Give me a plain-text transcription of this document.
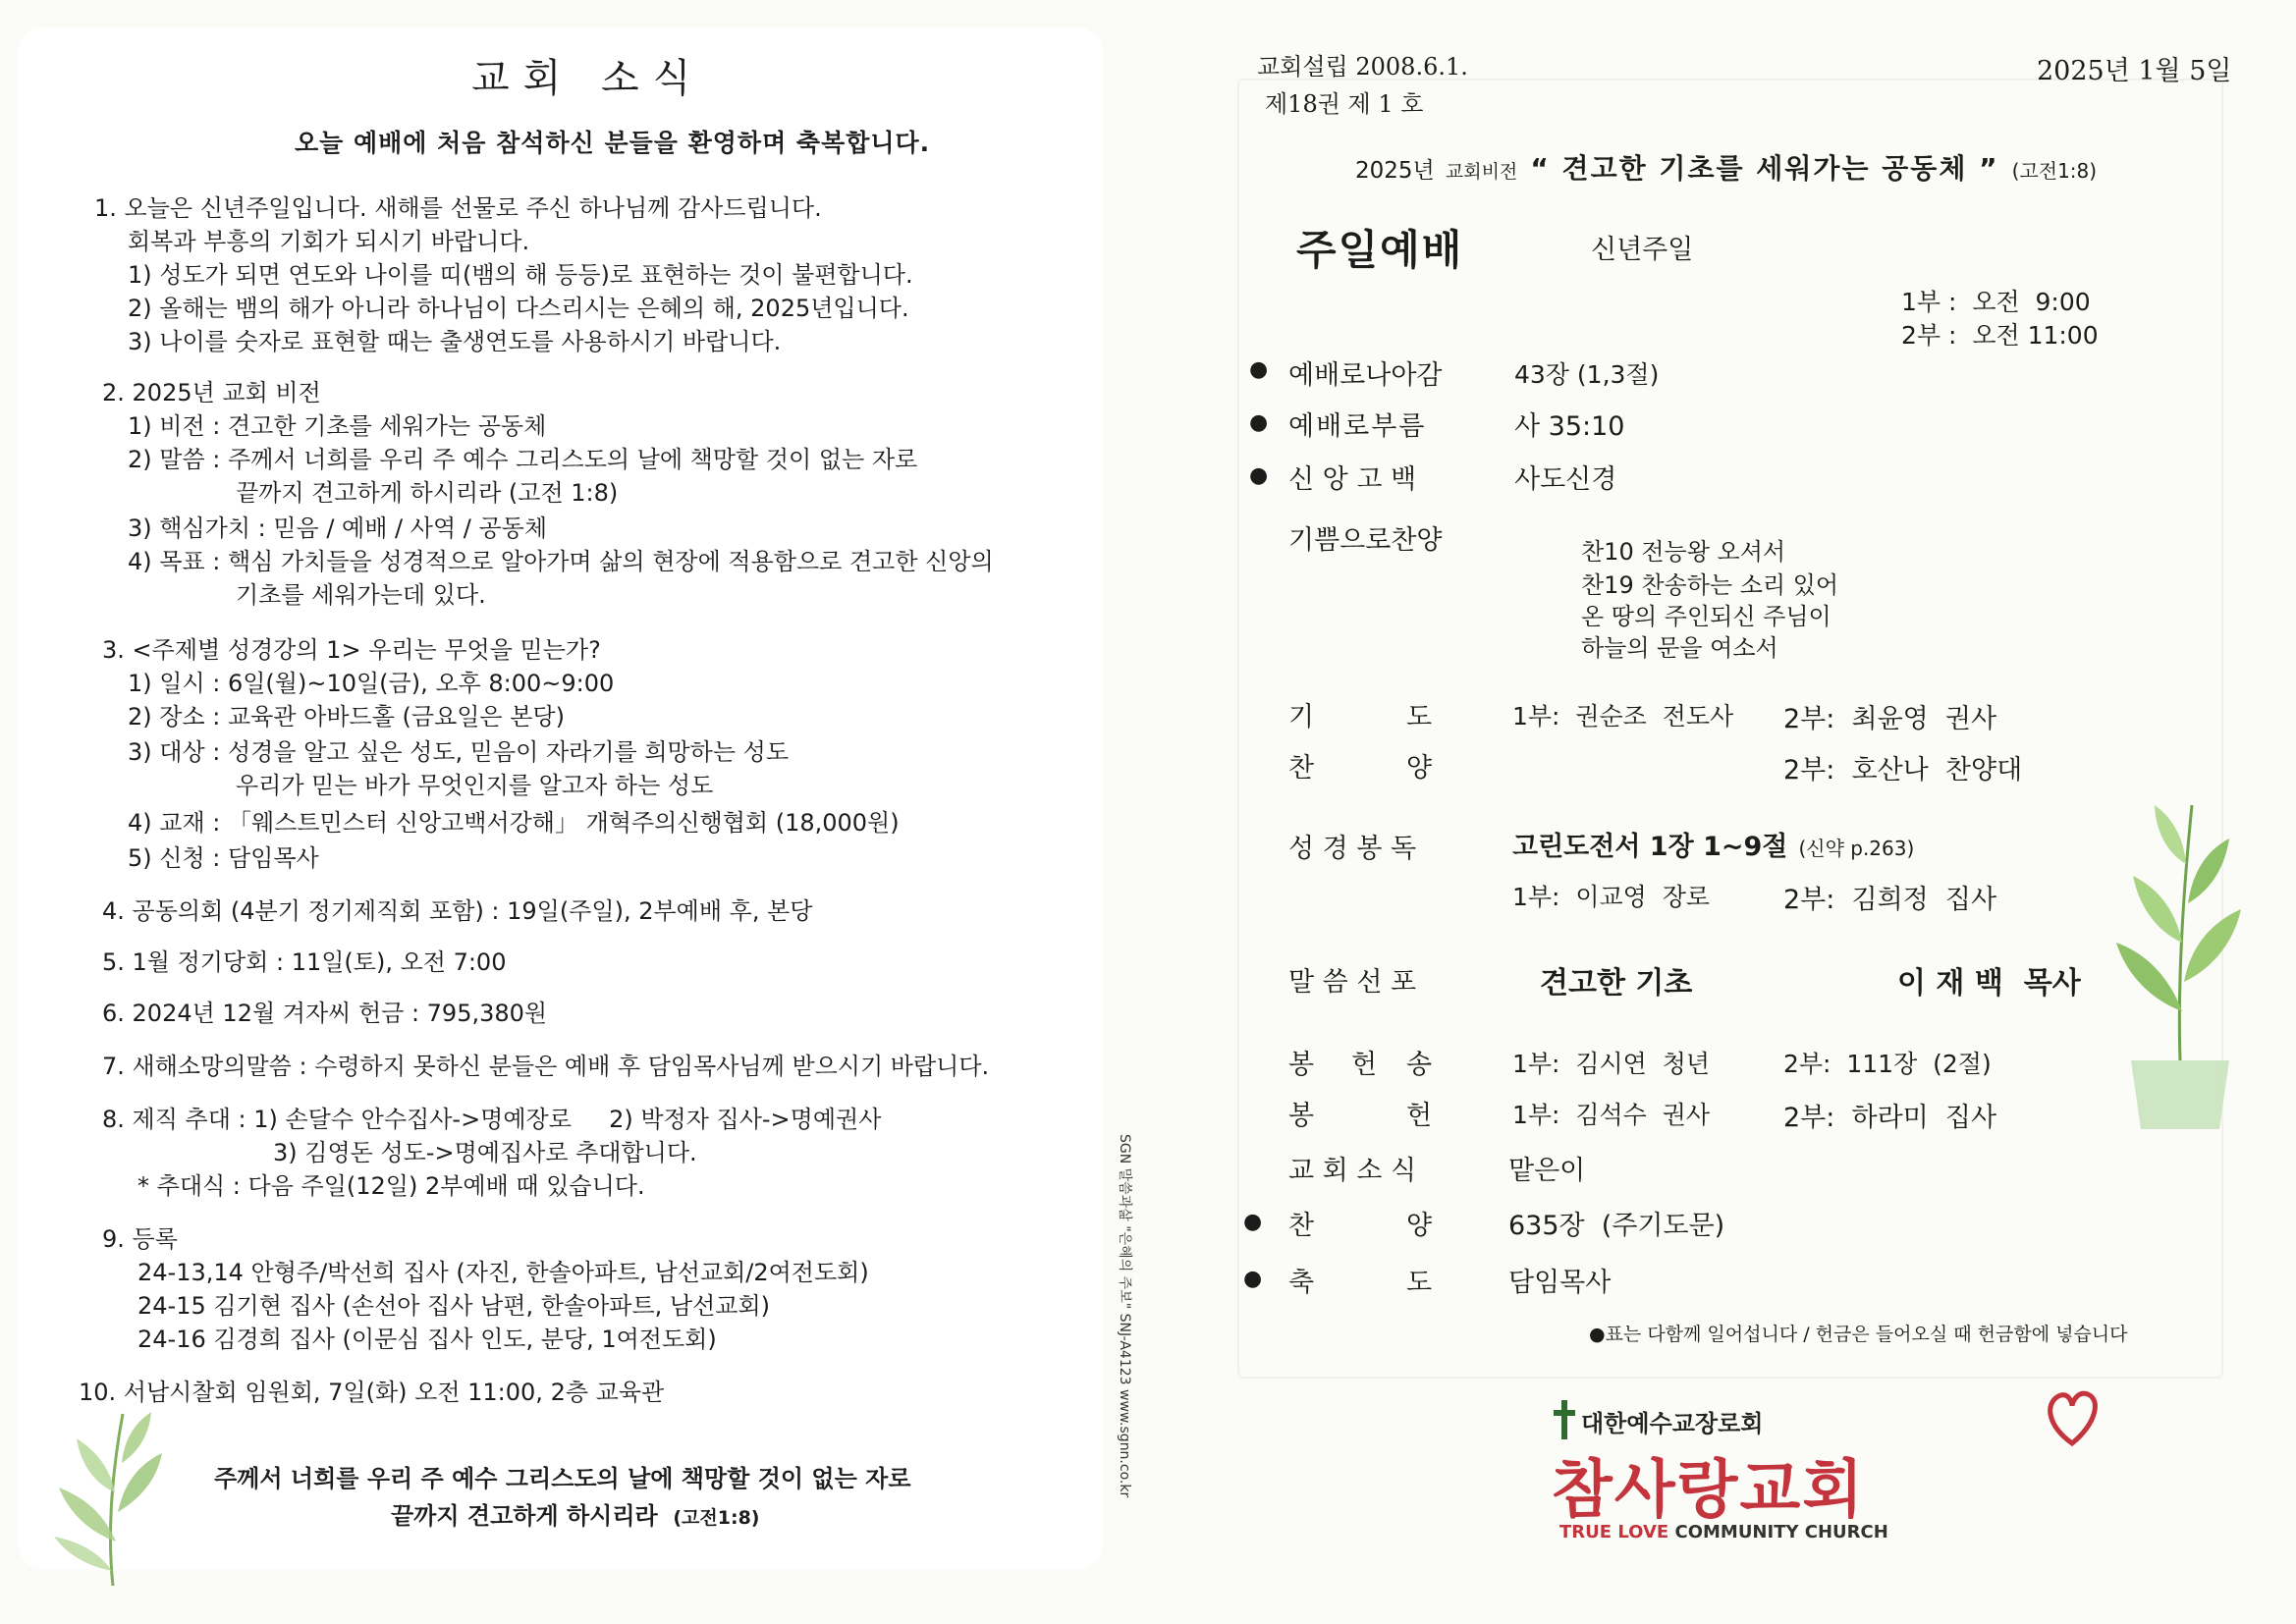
교회 소식
오늘 예배에 처음 참석하신 분들을 환영하며 축복합니다.
1. 오늘은 신년주일입니다. 새해를 선물로 주신 하나님께 감사드립니다.
회복과 부흥의 기회가 되시기 바랍니다.
1) 성도가 되면 연도와 나이를 띠(뱀의 해 등등)로 표현하는 것이 불편합니다.
2) 올해는 뱀의 해가 아니라 하나님이 다스리시는 은혜의 해, 2025년입니다.
3) 나이를 숫자로 표현할 때는 출생연도를 사용하시기 바랍니다.
2. 2025년 교회 비전
1) 비전 : 견고한 기초를 세워가는 공동체
2) 말씀 : 주께서 너희를 우리 주 예수 그리스도의 날에 책망할 것이 없는 자로
끝까지 견고하게 하시리라 (고전 1:8)
3) 핵심가치 : 믿음 / 예배 / 사역 / 공동체
4) 목표 : 핵심 가치들을 성경적으로 알아가며 삶의 현장에 적용함으로 견고한 신앙의
기초를 세워가는데 있다.
3. <주제별 성경강의 1> 우리는 무엇을 믿는가?
1) 일시 : 6일(월)~10일(금), 오후 8:00~9:00
2) 장소 : 교육관 아바드홀 (금요일은 본당)
3) 대상 : 성경을 알고 싶은 성도, 믿음이 자라기를 희망하는 성도
우리가 믿는 바가 무엇인지를 알고자 하는 성도
4) 교재 : 「웨스트민스터 신앙고백서강해」 개혁주의신행협회 (18,000원)
5) 신청 : 담임목사
4. 공동의회 (4분기 정기제직회 포함) : 19일(주일), 2부예배 후, 본당
5. 1월 정기당회 : 11일(토), 오전 7:00
6. 2024년 12월 겨자씨 헌금 : 795,380원
7. 새해소망의말씀 : 수령하지 못하신 분들은 예배 후 담임목사님께 받으시기 바랍니다.
8. 제직 추대 : 1) 손달수 안수집사->명예장로     2) 박정자 집사->명예권사
3) 김영돈 성도->명예집사로 추대합니다.
* 추대식 : 다음 주일(12일) 2부예배 때 있습니다.
9. 등록
24-13,14 안형주/박선희 집사 (자진, 한솔아파트, 남선교회/2여전도회)
24-15 김기현 집사 (손선아 집사 남편, 한솔아파트, 남선교회)
24-16 김경희 집사 (이문심 집사 인도, 분당, 1여전도회)
10. 서남시찰회 임원회, 7일(화) 오전 11:00, 2층 교육관
주께서 너희를 우리 주 예수 그리스도의 날에 책망할 것이 없는 자로
끝까지 견고하게 하시리라 (고전1:8)
SGN 말씀과삶 "은혜의 주보" SNJ-A4123 www.sgnn.co.kr
교회설립 2008.6.1.
제18권 제 1 호
2025년 1월 5일
2025년 교회비전 “ 견고한 기초를 세워가는 공동체 ” (고전1:8)
주일예배	신년주일
1부 :  오전  9:00
2부 :  오전 11:00
● 예배로나아감	43장 (1,3절)
● 예배로부름	사 35:10
● 신 앙 고 백	사도신경
기쁨으로찬양	찬10 전능왕 오셔서
찬19 찬송하는 소리 있어
온 땅의 주인되신 주님이
하늘의 문을 여소서
기	도	1부:  권순조  전도사 2부:  최윤영  권사
찬	양	2부:  호산나  찬양대
성 경 봉 독	고린도전서 1장 1~9절 (신약 p.263)
1부:  이교영  장로	2부:  김희정  집사
말 씀 선 포	견고한 기초	이 재 백  목사
봉 헌 송	1부:  김시연  청년	2부:  111장  (2절)
봉	헌	1부:  김석수  권사	2부:  하라미  집사
교 회 소 식	맡은이
● 찬	양	635장  (주기도문)
● 축	도	담임목사
●표는 다함께 일어섭니다 / 헌금은 들어오실 때 헌금함에 넣습니다
대한예수교장로회
참사랑교회
TRUE LOVE COMMUNITY CHURCH
